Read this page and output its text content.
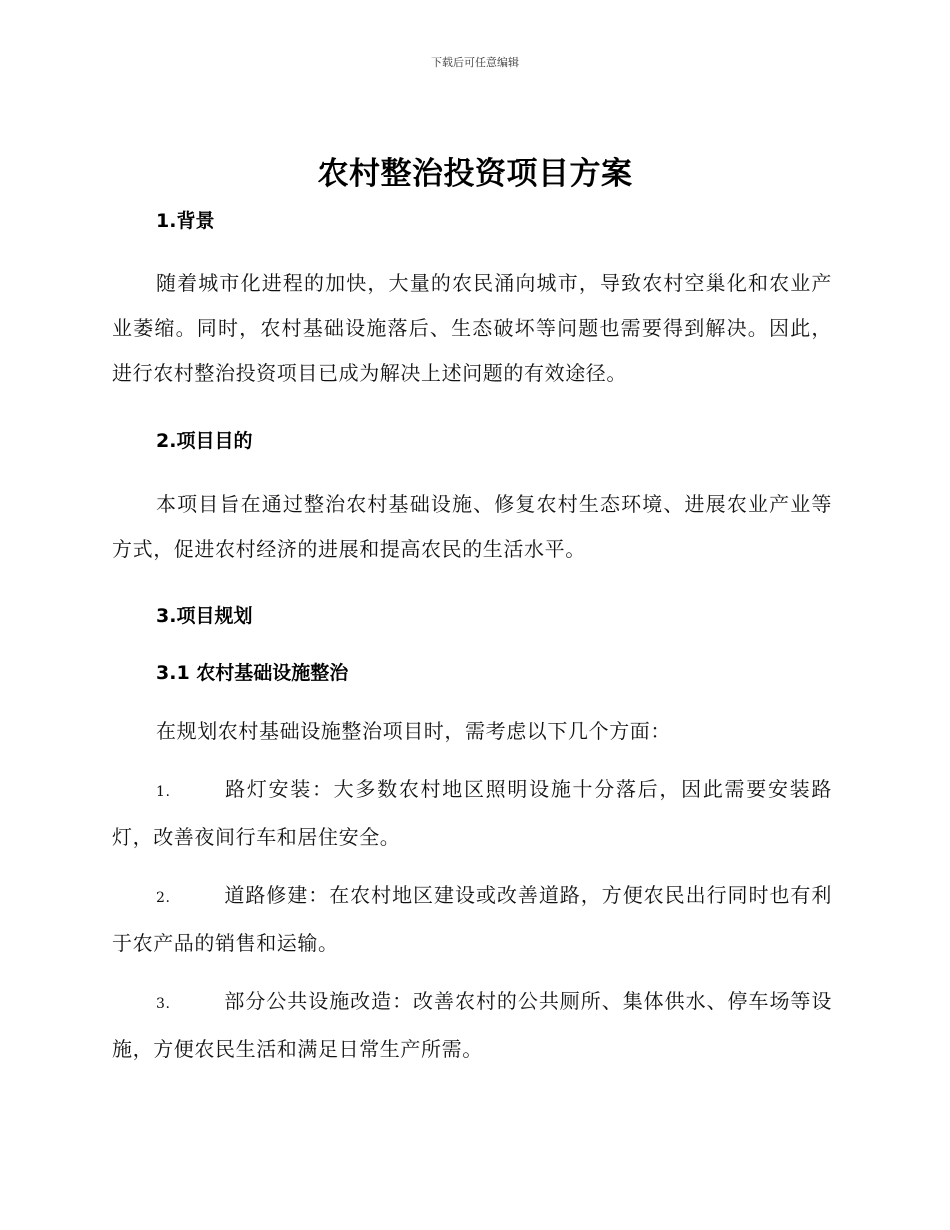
下载后可任意编辑
农村整治投资项目方案

1.背景

随着城市化进程的加快，大量的农民涌向城市，导致农村空巢化和农业产业萎缩。同时，农村基础设施落后、生态破坏等问题也需要得到解决。因此，进行农村整治投资项目已成为解决上述问题的有效途径。

2.项目目的

本项目旨在通过整治农村基础设施、修复农村生态环境、进展农业产业等方式，促进农村经济的进展和提高农民的生活水平。

3.项目规划

3.1 农村基础设施整治

在规划农村基础设施整治项目时，需考虑以下几个方面：

1.	路灯安装：大多数农村地区照明设施十分落后，因此需要安装路灯，改善夜间行车和居住安全。

2.	道路修建：在农村地区建设或改善道路，方便农民出行同时也有利于农产品的销售和运输。

3.	部分公共设施改造：改善农村的公共厕所、集体供水、停车场等设施，方便农民生活和满足日常生产所需。
